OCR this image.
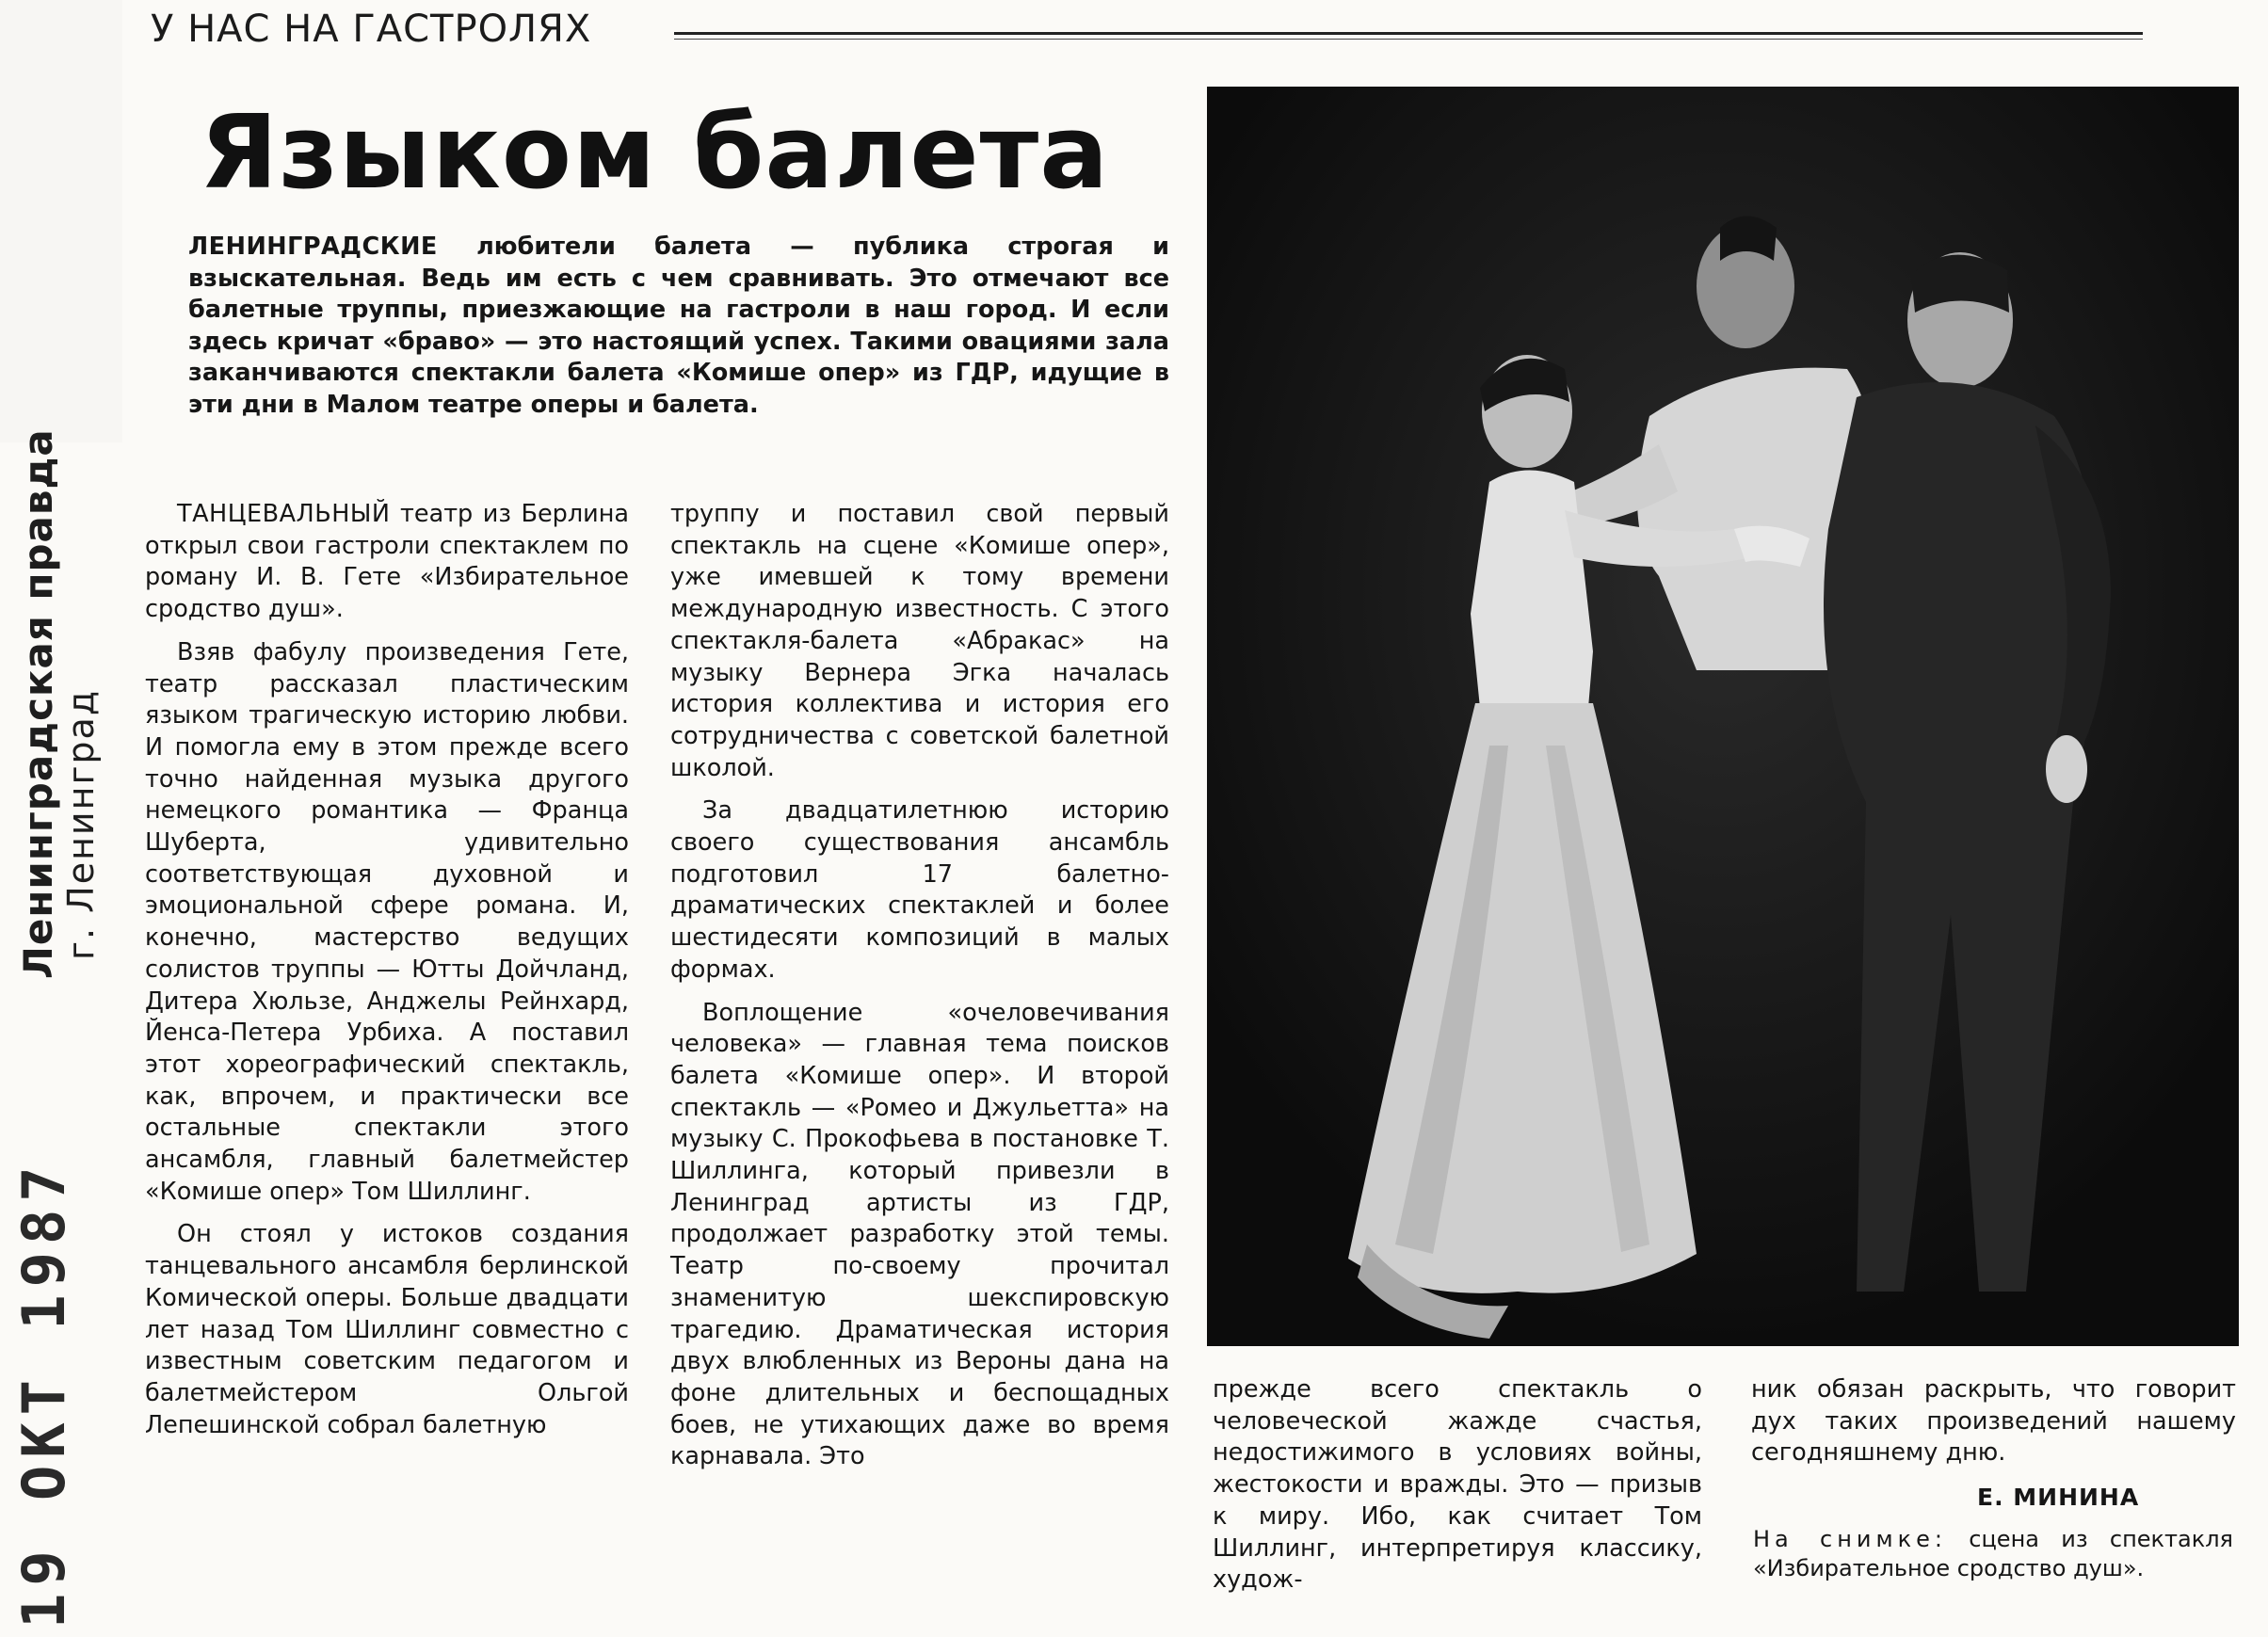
У НАС НА ГАСТРОЛЯХ
Языком балета

ЛЕНИНГРАДСКИЕ любители балета — публика строгая и взыскательная. Ведь им есть с чем сравнивать. Это отмечают все балетные труппы, приезжающие на гастроли в наш город. И если здесь кричат «браво» — это настоящий успех. Такими овациями зала заканчиваются спектакли балета «Комише опер» из ГДР, идущие в эти дни в Малом театре оперы и балета.

ТАНЦЕВАЛЬНЫЙ театр из Берлина открыл свои гастроли спектаклем по роману И. В. Гете «Избирательное сродство душ».

Взяв фабулу произведения Гете, театр рассказал пластическим языком трагическую историю любви. И помогла ему в этом прежде всего точно найденная музыка другого немецкого романтика — Франца Шуберта, удивительно соответствующая духовной и эмоциональной сфере романа. И, конечно, мастерство ведущих солистов труппы — Ютты Дойчланд, Дитера Хюльзе, Анджелы Рейнхард, Йенса-Петера Урбиха. А поставил этот хореографический спектакль, как, впрочем, и практически все остальные спектакли этого ансамбля, главный балетмейстер «Комише опер» Том Шиллинг.

Он стоял у истоков создания танцевального ансамбля берлинской Комической оперы. Больше двадцати лет назад Том Шиллинг совместно с известным советским педагогом и балетмейстером Ольгой Лепешинской собрал балетную

труппу и поставил свой первый спектакль на сцене «Комише опер», уже имевшей к тому времени международную известность. С этого спектакля-балета «Абракас» на музыку Вернера Эгка началась история коллектива и история его сотрудничества с советской балетной школой.

За двадцатилетнюю историю своего существования ансамбль подготовил 17 балетно-драматических спектаклей и более шестидесяти композиций в малых формах.

Воплощение «очеловечивания человека» — главная тема поисков балета «Комише опер». И второй спектакль — «Ромео и Джульетта» на музыку С. Прокофьева в постановке Т. Шиллинга, который привезли в Ленинград артисты из ГДР, продолжает разработку этой темы. Театр по-своему прочитал знаменитую шекспировскую трагедию. Драматическая история двух влюбленных из Вероны дана на фоне длительных и беспощадных боев, не утихающих даже во время карнавала. Это

прежде всего спектакль о человеческой жажде счастья, недостижимого в условиях войны, жестокости и вражды. Это — призыв к миру. Ибо, как считает Том Шиллинг, интерпретируя классику, худож-

ник обязан раскрыть, что говорит дух таких произведений нашему сегодняшнему дню.

Е. МИНИНА
На снимке: сцена из спектакля «Избирательное сродство душ».
19 ОКТ 1987
Ленинградская правда г. Ленинград
